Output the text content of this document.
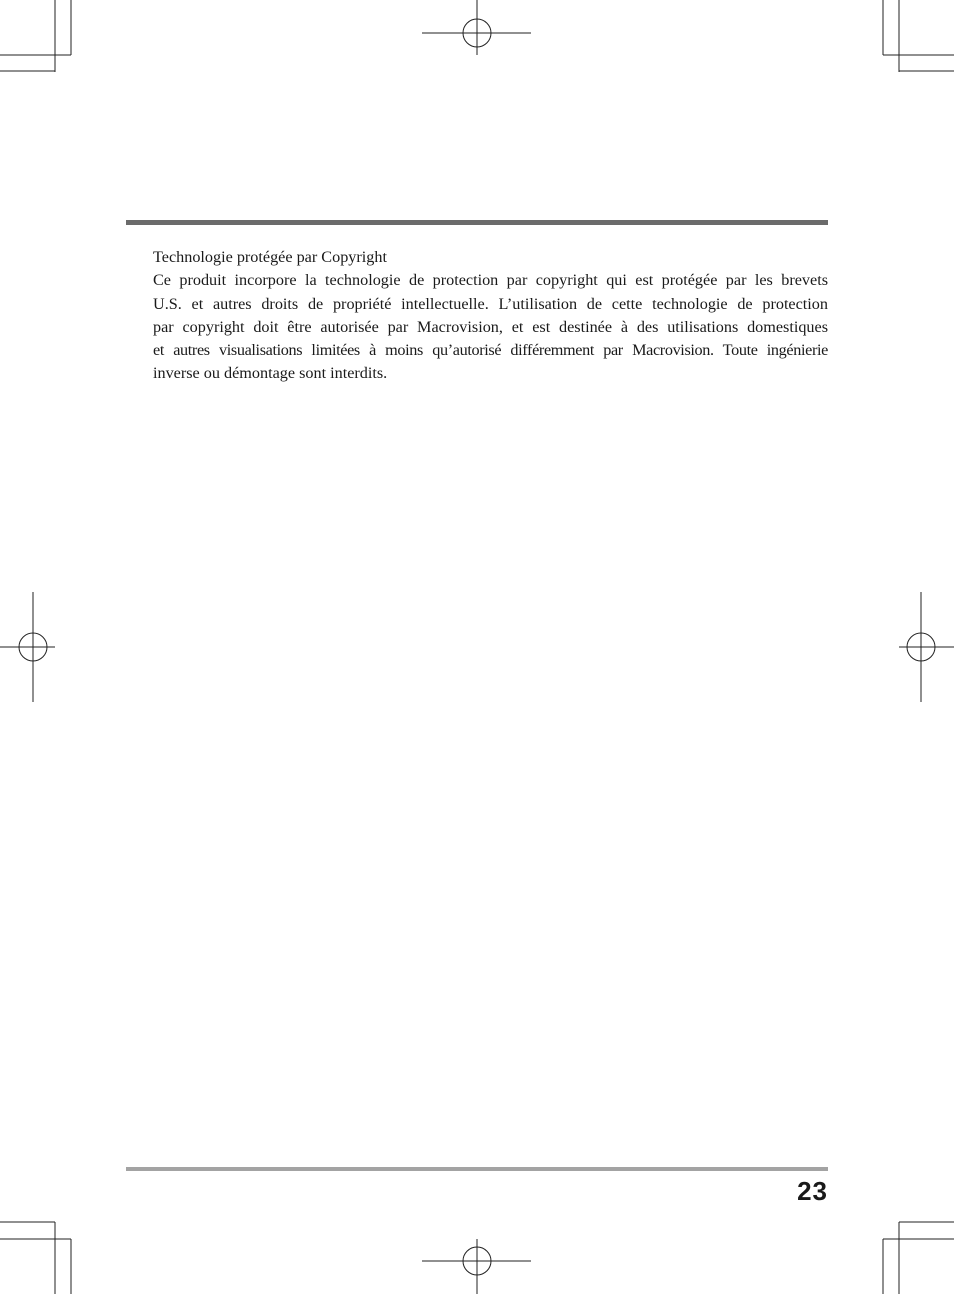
Technologie protégée par Copyright
Ce produit incorpore la technologie de protection par copyright qui est protégée par les brevets
U.S. et autres droits de propriété intellectuelle. L’utilisation de cette technologie de protection
par copyright doit être autorisée par Macrovision, et est destinée à des utilisations domestiques
et autres visualisations limitées à moins qu’autorisé différemment par Macrovision. Toute ingénierie
inverse ou démontage sont interdits.
23
